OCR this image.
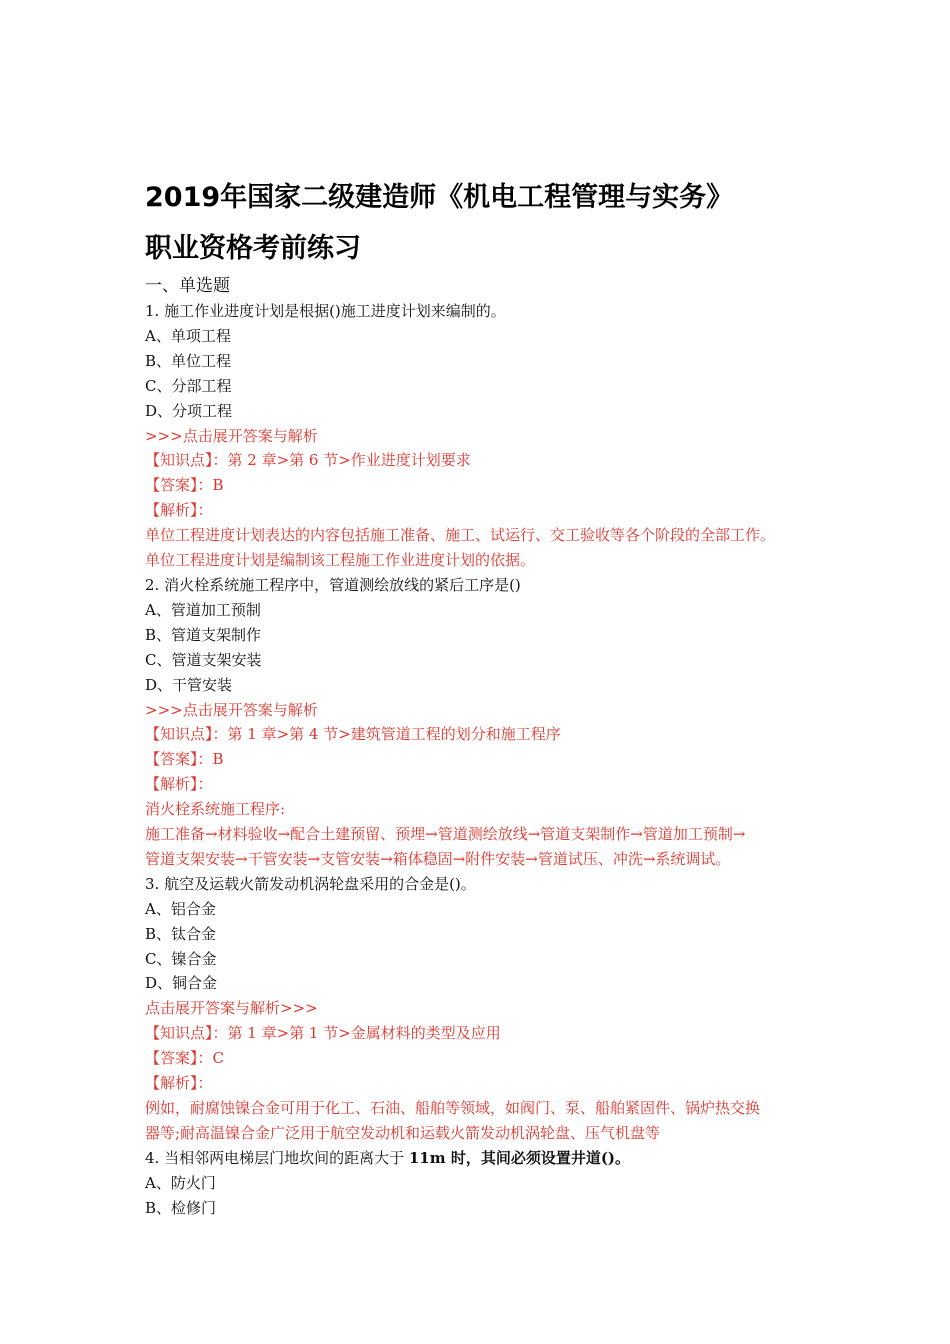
2019年国家二级建造师《机电工程管理与实务》
职业资格考前练习
一、单选题
1. 施工作业进度计划是根据()施工进度计划来编制的。
A、单项工程
B、单位工程
C、分部工程
D、分项工程
>>>点击展开答案与解析
【知识点】：第 2 章>第 6 节>作业进度计划要求
【答案】：B
【解析】：
单位工程进度计划表达的内容包括施工准备、施工、试运行、交工验收等各个阶段的全部工作。
单位工程进度计划是编制该工程施工作业进度计划的依据。
2. 消火栓系统施工程序中，管道测绘放线的紧后工序是()
A、管道加工预制
B、管道支架制作
C、管道支架安装
D、干管安装
>>>点击展开答案与解析
【知识点】：第 1 章>第 4 节>建筑管道工程的划分和施工程序
【答案】：B
【解析】：
消火栓系统施工程序:
施工准备→材料验收→配合土建预留、预埋→管道测绘放线→管道支架制作→管道加工预制→
管道支架安装→干管安装→支管安装→箱体稳固→附件安装→管道试压、冲洗→系统调试。
3. 航空及运载火箭发动机涡轮盘采用的合金是()。
A、铝合金
B、钛合金
C、镍合金
D、铜合金
点击展开答案与解析>>>
【知识点】：第 1 章>第 1 节>金属材料的类型及应用
【答案】：C
【解析】：
例如，耐腐蚀镍合金可用于化工、石油、船舶等领域，如阀门、泵、船舶紧固件、锅炉热交换
器等;耐高温镍合金广泛用于航空发动机和运载火箭发动机涡轮盘、压气机盘等
4. 当相邻两电梯层门地坎间的距离大于 11m 时，其间必须设置井道()。
A、防火门
B、检修门
